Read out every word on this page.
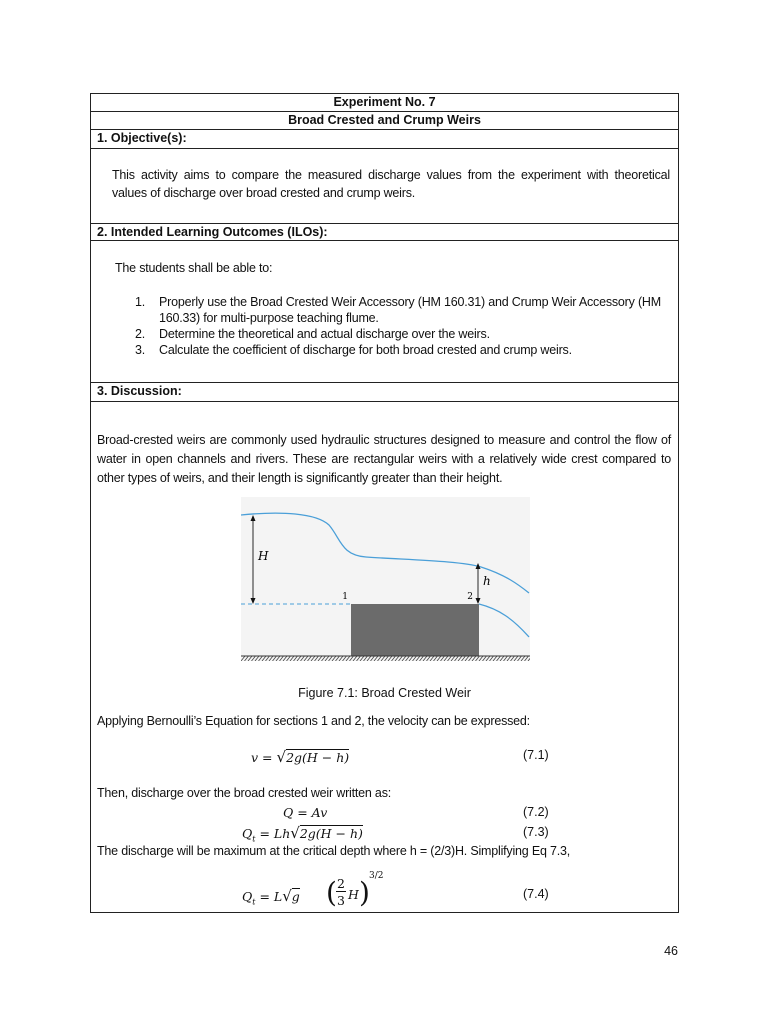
Experiment No. 7
Broad Crested and Crump Weirs
1. Objective(s):
This activity aims to compare the measured discharge values from the experiment with theoretical values of discharge over broad crested and crump weirs.
2. Intended Learning Outcomes (ILOs):
The students shall be able to:
1. Properly use the Broad Crested Weir Accessory (HM 160.31) and Crump Weir Accessory (HM 160.33) for multi-purpose teaching flume.
2. Determine the theoretical and actual discharge over the weirs.
3. Calculate the coefficient of discharge for both broad crested and crump weirs.
3. Discussion:
Broad-crested weirs are commonly used hydraulic structures designed to measure and control the flow of water in open channels and rivers. These are rectangular weirs with a relatively wide crest compared to other types of weirs, and their length is significantly greater than their height.
H
h
1	2
Figure 7.1: Broad Crested Weir
Applying Bernoulli’s Equation for sections 1 and 2, the velocity can be expressed:
v = √2g(H − h)	(7.1)
Then, discharge over the broad crested weir written as:
Q = Av	(7.2)
$Q_t = Lh√2g(H - h)$	(7.3)
The discharge will be maximum at the critical depth where h = (2/3)H. Simplifying Eq 7.3,
$Q_t = L√g$ ( 2
3 H ) 3/2
(7.4)
46
